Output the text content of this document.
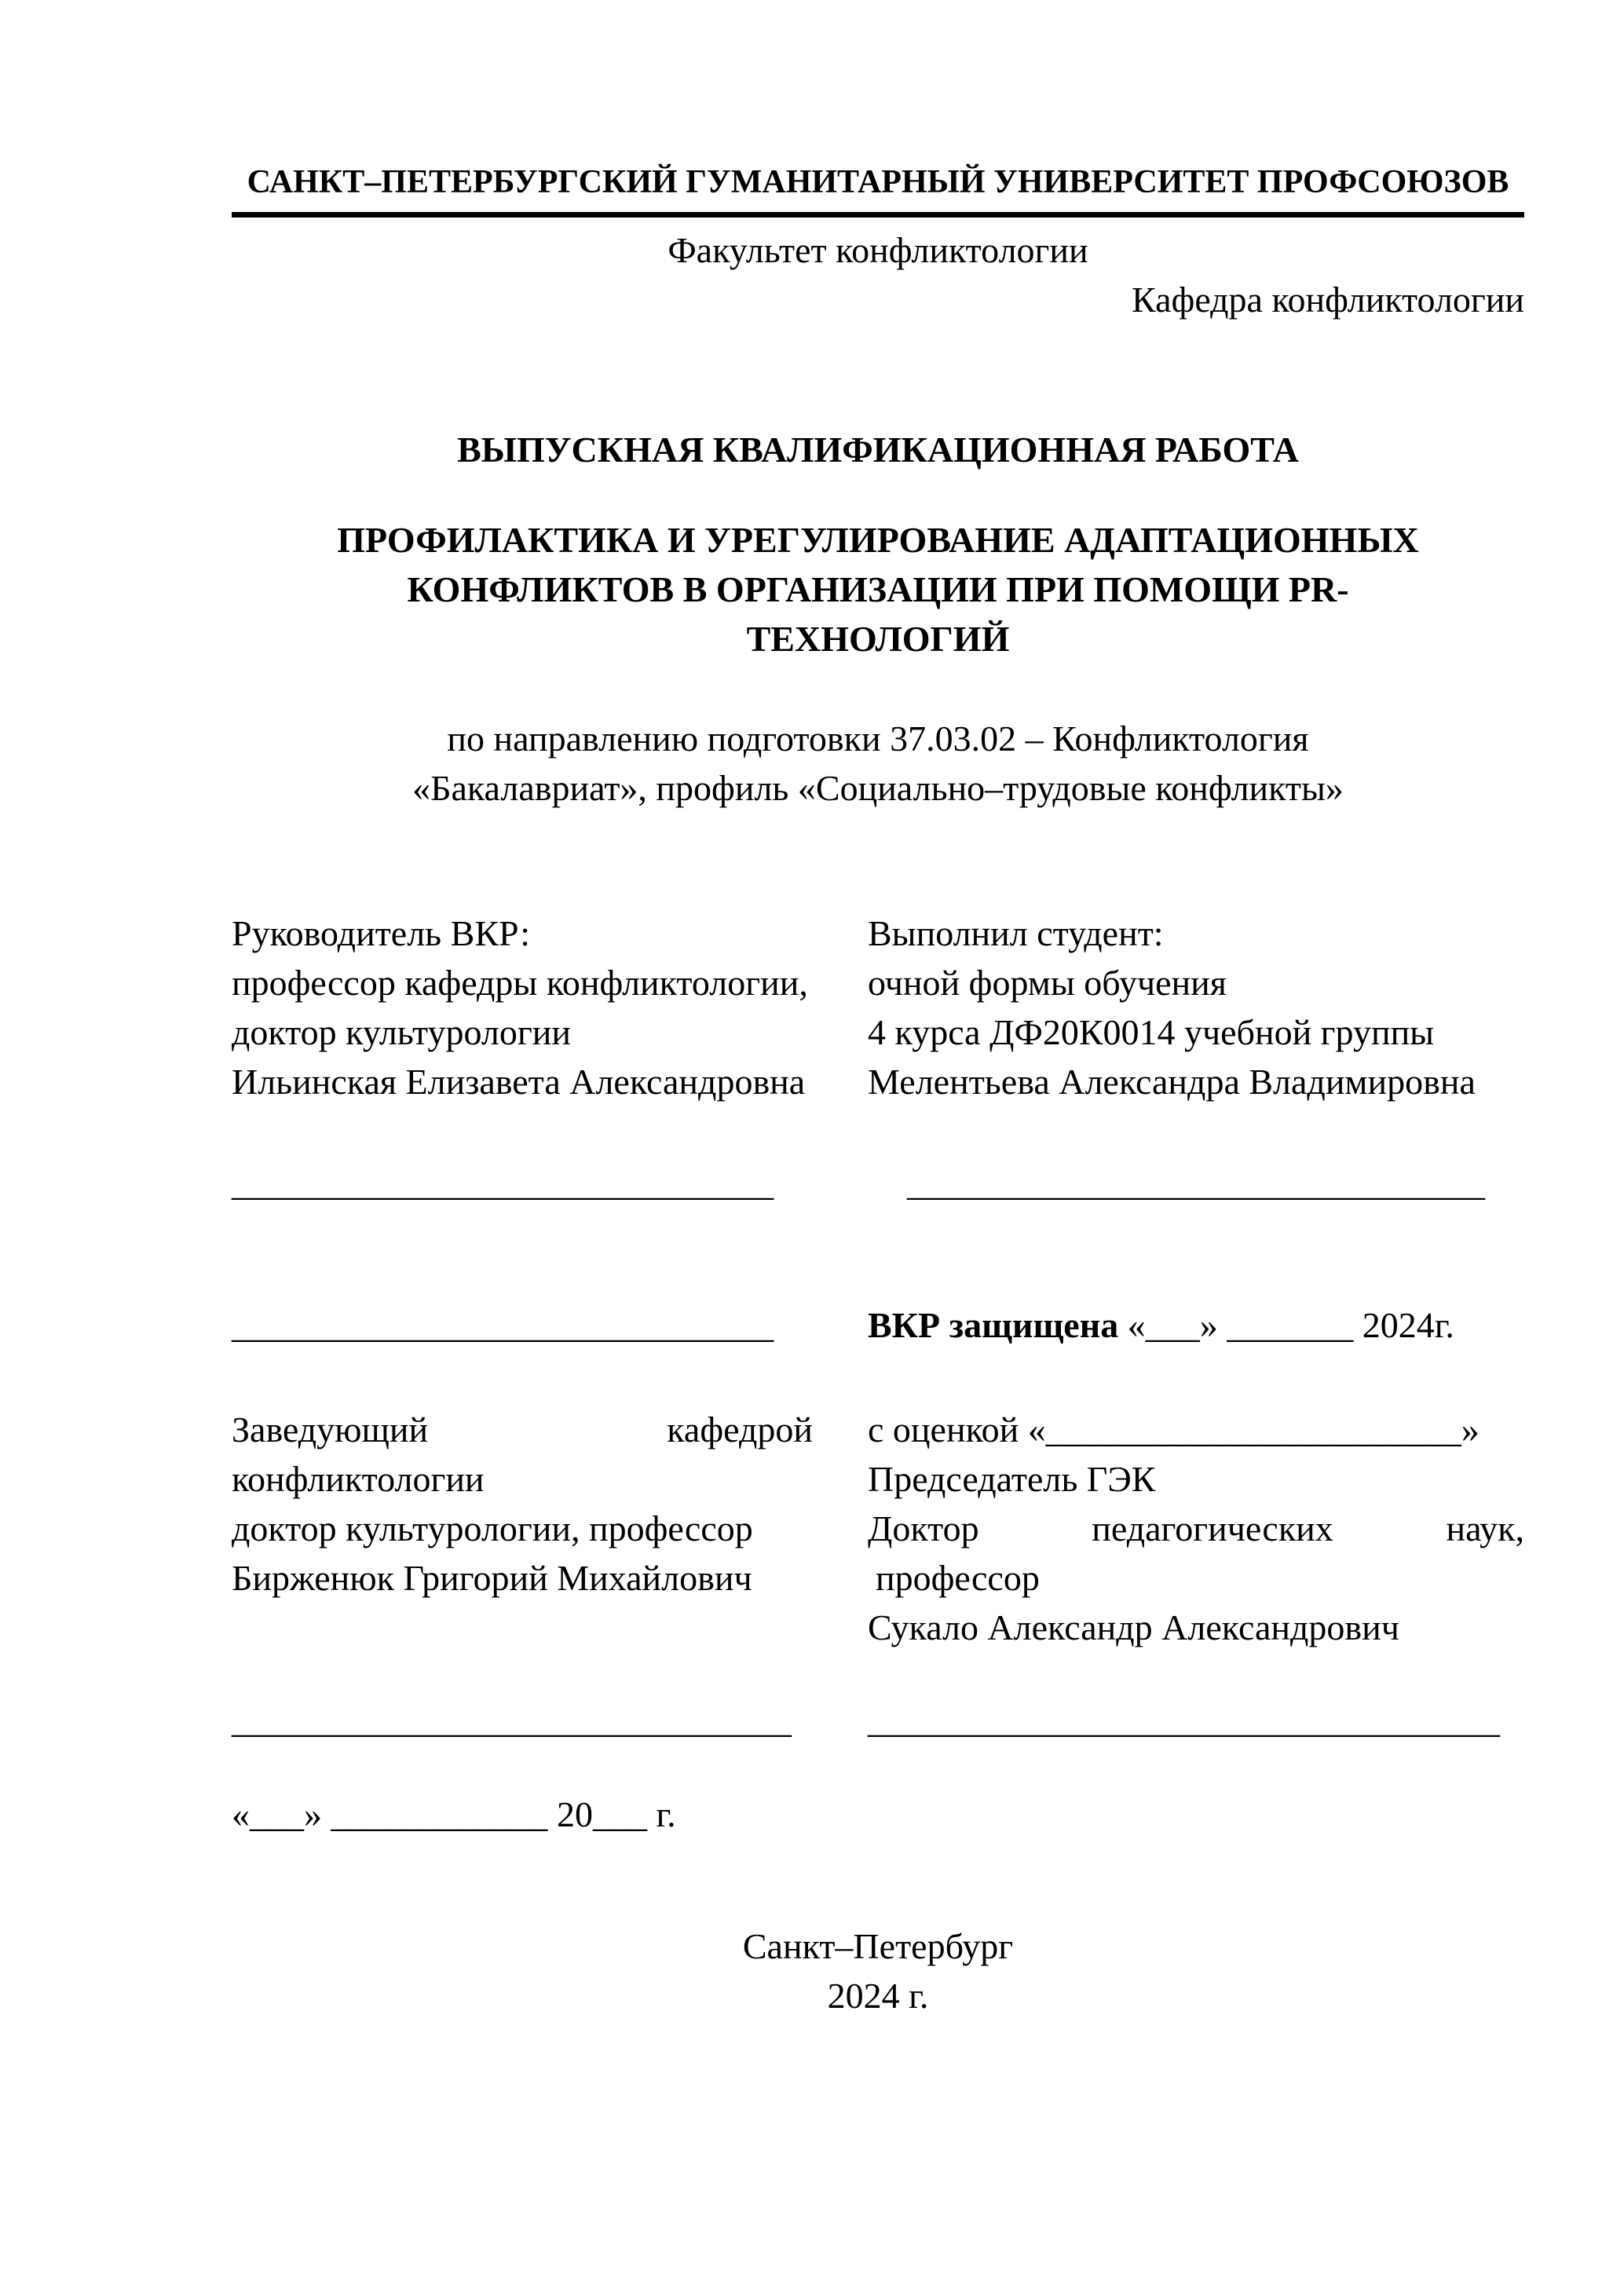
САНКТ–ПЕТЕРБУРГСКИЙ ГУМАНИТАРНЫЙ УНИВЕРСИТЕТ ПРОФСОЮЗОВ
Факультет конфликтологии
Кафедра конфликтологии
ВЫПУСКНАЯ КВАЛИФИКАЦИОННАЯ РАБОТА
ПРОФИЛАКТИКА И УРЕГУЛИРОВАНИЕ АДАПТАЦИОННЫХ
КОНФЛИКТОВ В ОРГАНИЗАЦИИ ПРИ ПОМОЩИ PR-
ТЕХНОЛОГИЙ
по направлению подготовки 37.03.02 – Конфликтология
«Бакалавриат», профиль «Социально–трудовые конфликты»
Руководитель ВКР:
профессор кафедры конфликтологии,
доктор культурологии
Ильинская Елизавета Александровна
Выполнил студент:
очной формы обучения
4 курса ДФ20К0014 учебной группы
Мелентьева Александра Владимировна
______________________________	________________________________
______________________________	ВКР защищена «___» _______ 2024г.
Заведующий	кафедрой
конфликтологии
доктор культурологии, профессор
Бирженюк Григорий Михайлович
с оценкой «_______________________»
Председатель ГЭК
Доктор	педагогических	наук,
профессор
Сукало Александр Александрович
_______________________________	___________________________________
«___» ____________ 20___ г.
Санкт–Петербург
2024 г.
